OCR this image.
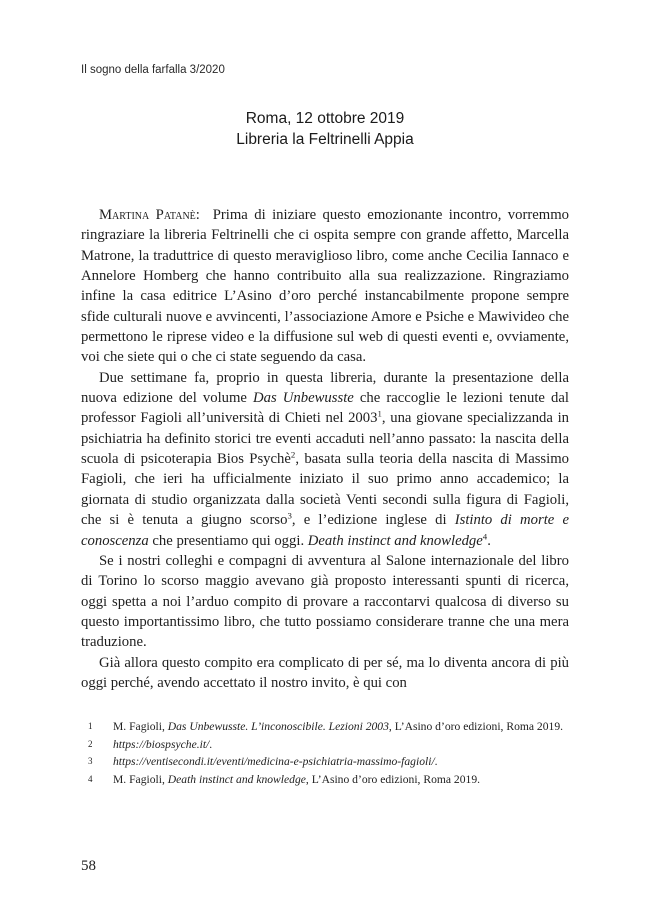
Il sogno della farfalla 3/2020
Roma, 12 ottobre 2019
Libreria la Feltrinelli Appia

Martina Patanè: Prima di iniziare questo emozionante incontro, vorremmo ringraziare la libreria Feltrinelli che ci ospita sempre con grande affetto, Marcella Matrone, la traduttrice di questo meraviglioso libro, come anche Cecilia Iannaco e Annelore Homberg che hanno contribuito alla sua realizzazione. Ringraziamo infine la casa editrice L’Asino d’oro perché instancabilmente propone sempre sfide culturali nuove e avvincenti, l’associazione Amore e Psiche e Mawivideo che permettono le riprese video e la diffusione sul web di questi eventi e, ovviamente, voi che siete qui o che ci state seguendo da casa.

Due settimane fa, proprio in questa libreria, durante la presentazione della nuova edizione del volume Das Unbewusste che raccoglie le lezioni tenute dal professor Fagioli all’università di Chieti nel 2003$^1$, una giovane specializzanda in psichiatria ha definito storici tre eventi accaduti nell’anno passato: la nascita della scuola di psicoterapia Bios Psychè$^2$, basata sulla teoria della nascita di Massimo Fagioli, che ieri ha ufficialmente iniziato il suo primo anno accademico; la giornata di studio organizzata dalla società Venti secondi sulla figura di Fagioli, che si è tenuta a giugno scorso$^3$, e l’edizione inglese di Istinto di morte e conoscenza che presentiamo qui oggi. Death instinct and knowledge$^4$.

Se i nostri colleghi e compagni di avventura al Salone internazionale del libro di Torino lo scorso maggio avevano già proposto interessanti spunti di ricerca, oggi spetta a noi l’arduo compito di provare a raccontarvi qualcosa di diverso su questo importantissimo libro, che tutto possiamo considerare tranne che una mera traduzione.

Già allora questo compito era complicato di per sé, ma lo diventa ancora di più oggi perché, avendo accettato il nostro invito, è qui con

1 M. Fagioli, Das Unbewusste. L’inconoscibile. Lezioni 2003, L’Asino d’oro edizioni, Roma 2019.
2 https://biospsyche.it/.
3 https://ventisecondi.it/eventi/medicina-e-psichiatria-massimo-fagioli/.
4 M. Fagioli, Death instinct and knowledge, L’Asino d’oro edizioni, Roma 2019.
58
